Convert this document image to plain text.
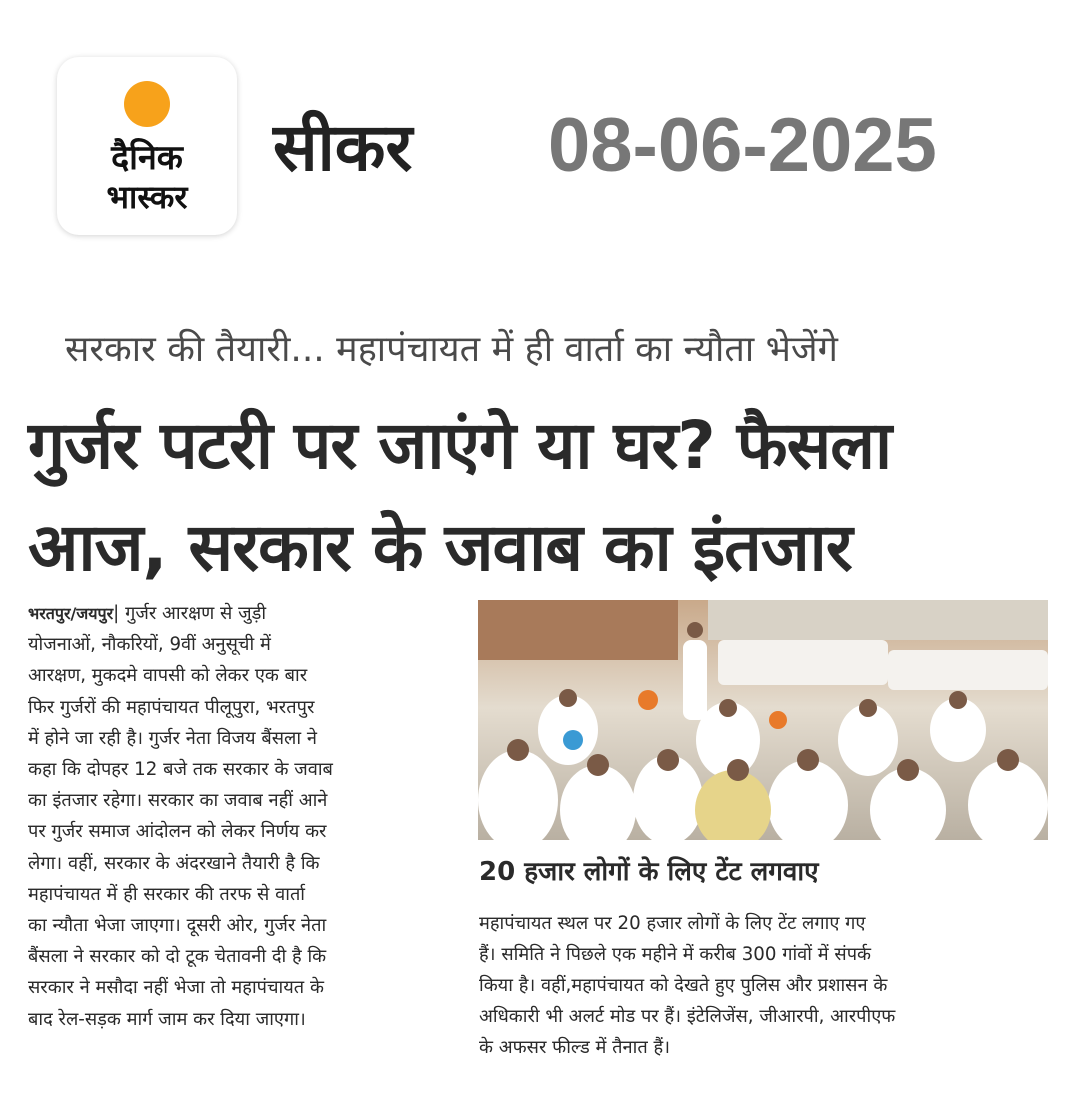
दैनिक
भास्कर
सीकर 08-06-2025
सरकार की तैयारी... महापंचायत में ही वार्ता का न्यौता भेजेंगे
गुर्जर पटरी पर जाएंगे या घर? फैसला
आज, सरकार के जवाब का इंतजार
भरतपुर/जयपुर| गुर्जर आरक्षण से जुड़ी
योजनाओं, नौकरियों, 9वीं अनुसूची में
आरक्षण, मुकदमे वापसी को लेकर एक बार
फिर गुर्जरों की महापंचायत पीलूपुरा, भरतपुर
में होने जा रही है। गुर्जर नेता विजय बैंसला ने
कहा कि दोपहर 12 बजे तक सरकार के जवाब
का इंतजार रहेगा। सरकार का जवाब नहीं आने
पर गुर्जर समाज आंदोलन को लेकर निर्णय कर
लेगा। वहीं, सरकार के अंदरखाने तैयारी है कि
महापंचायत में ही सरकार की तरफ से वार्ता
का न्यौता भेजा जाएगा। दूसरी ओर, गुर्जर नेता
बैंसला ने सरकार को दो टूक चेतावनी दी है कि
सरकार ने मसौदा नहीं भेजा तो महापंचायत के
बाद रेल-सड़क मार्ग जाम कर दिया जाएगा।
20 हजार लोगों के लिए टेंट लगवाए
महापंचायत स्थल पर 20 हजार लोगों के लिए टेंट लगाए गए
हैं। समिति ने पिछले एक महीने में करीब 300 गांवों में संपर्क
किया है। वहीं,महापंचायत को देखते हुए पुलिस और प्रशासन के
अधिकारी भी अलर्ट मोड पर हैं। इंटेलिजेंस, जीआरपी, आरपीएफ
के अफसर फील्ड में तैनात हैं।
